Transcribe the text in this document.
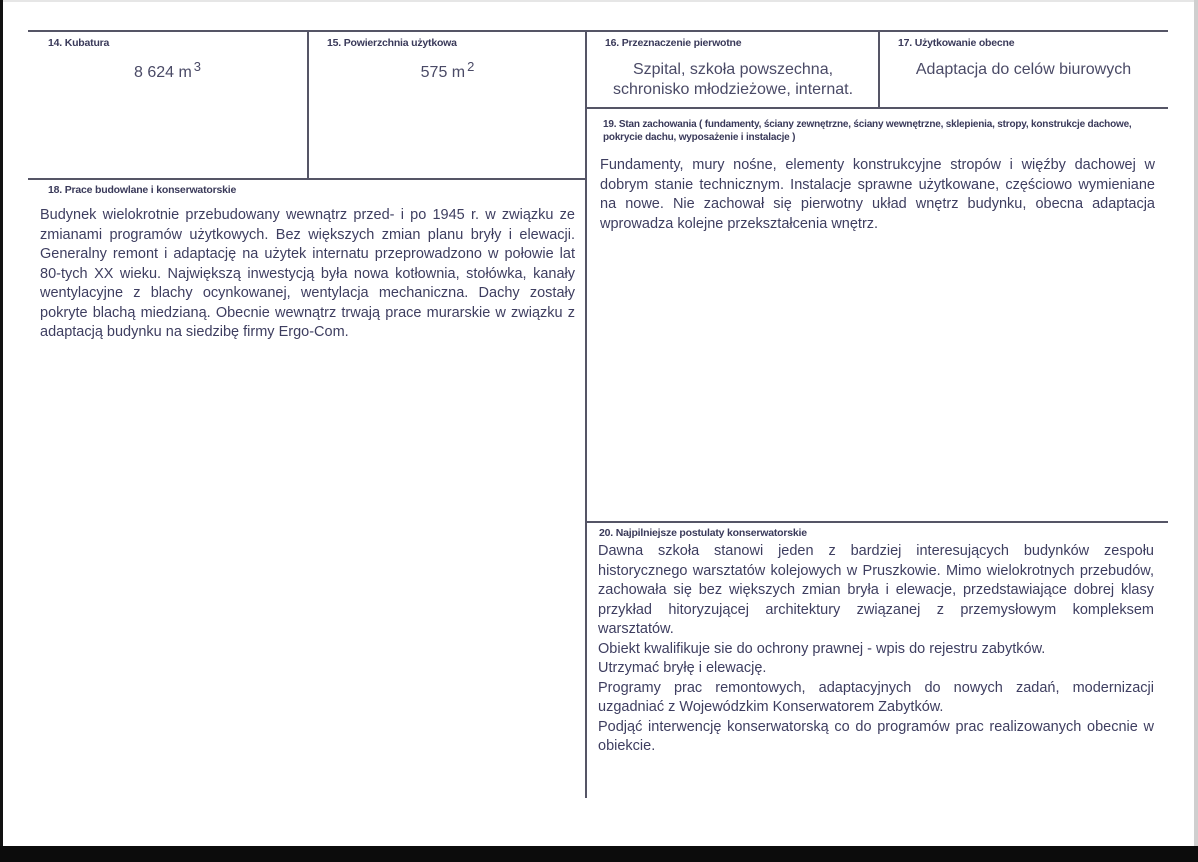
14. Kubatura
8 624 m $^3$
15. Powierzchnia użytkowa
575 m $^2$
16. Przeznaczenie pierwotne
Szpital, szkoła powszechna,
schronisko młodzieżowe, internat.
17. Użytkowanie obecne
Adaptacja do celów biurowych
19. Stan zachowania ( fundamenty, ściany zewnętrzne, ściany wewnętrzne, sklepienia, stropy, konstrukcje dachowe, pokrycie dachu, wyposażenie i instalacje )

Fundamenty, mury nośne, elementy konstrukcyjne stropów i więźby dachowej w dobrym stanie technicznym. Instalacje sprawne użytkowane, częściowo wymieniane na nowe. Nie zachował się pierwotny układ wnętrz budynku, obecna adaptacja wprowadza kolejne przekształcenia wnętrz.

18. Prace budowlane i konserwatorskie

Budynek wielokrotnie przebudowany wewnątrz przed- i po 1945 r. w związku ze zmianami programów użytkowych. Bez większych zmian planu bryły i elewacji. Generalny remont i adaptację na użytek internatu przeprowadzono w połowie lat 80-tych XX wieku. Największą inwestycją była nowa kotłownia, stołówka, kanały wentylacyjne z blachy ocynkowanej, wentylacja mechaniczna. Dachy zostały pokryte blachą miedzianą. Obecnie wewnątrz trwają prace murarskie w związku z adaptacją budynku na siedzibę firmy Ergo-Com.

20. Najpilniejsze postulaty konserwatorskie

Dawna szkoła stanowi jeden z bardziej interesujących budynków zespołu historycznego warsztatów kolejowych w Pruszkowie. Mimo wielokrotnych przebudów, zachowała się bez większych zmian bryła i elewacje, przedstawiające dobrej klasy przykład hitoryzującej architektury związanej z przemysłowym kompleksem warsztatów.

Obiekt kwalifikuje sie do ochrony prawnej - wpis do rejestru zabytków.

Utrzymać bryłę i elewację.

Programy prac remontowych, adaptacyjnych do nowych zadań, modernizacji uzgadniać z Wojewódzkim Konserwatorem Zabytków.

Podjąć interwencję konserwatorską co do programów prac realizowanych obecnie w obiekcie.
